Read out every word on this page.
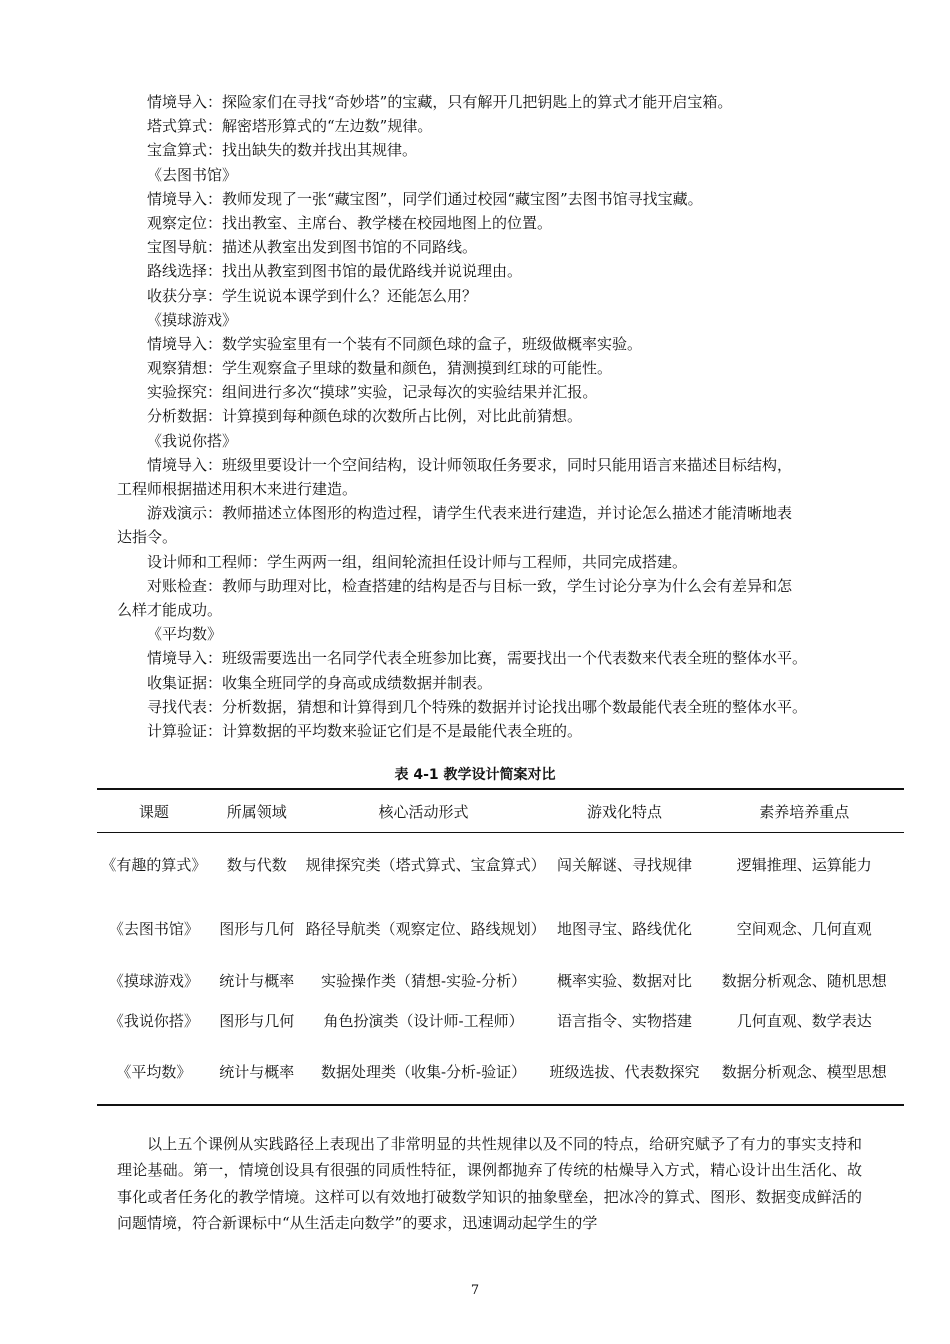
情境导入：探险家们在寻找“奇妙塔”的宝藏，只有解开几把钥匙上的算式才能开启宝箱。
塔式算式：解密塔形算式的“左边数”规律。
宝盒算式：找出缺失的数并找出其规律。
《去图书馆》
情境导入：教师发现了一张“藏宝图”，同学们通过校园“藏宝图”去图书馆寻找宝藏。
观察定位：找出教室、主席台、教学楼在校园地图上的位置。
宝图导航：描述从教室出发到图书馆的不同路线。
路线选择：找出从教室到图书馆的最优路线并说说理由。
收获分享：学生说说本课学到什么？还能怎么用？
《摸球游戏》
情境导入：数学实验室里有一个装有不同颜色球的盒子，班级做概率实验。
观察猜想：学生观察盒子里球的数量和颜色，猜测摸到红球的可能性。
实验探究：组间进行多次“摸球”实验，记录每次的实验结果并汇报。
分析数据：计算摸到每种颜色球的次数所占比例，对比此前猜想。
《我说你搭》
情境导入：班级里要设计一个空间结构，设计师领取任务要求，同时只能用语言来描述目标结构，
工程师根据描述用积木来进行建造。
游戏演示：教师描述立体图形的构造过程，请学生代表来进行建造，并讨论怎么描述才能清晰地表
达指令。
设计师和工程师：学生两两一组，组间轮流担任设计师与工程师，共同完成搭建。
对账检查：教师与助理对比，检查搭建的结构是否与目标一致，学生讨论分享为什么会有差异和怎
么样才能成功。
《平均数》
情境导入：班级需要选出一名同学代表全班参加比赛，需要找出一个代表数来代表全班的整体水平。
收集证据：收集全班同学的身高或成绩数据并制表。
寻找代表：分析数据，猜想和计算得到几个特殊的数据并讨论找出哪个数最能代表全班的整体水平。
计算验证：计算数据的平均数来验证它们是不是最能代表全班的。
表 4-1 教学设计简案对比
课题	所属领域	核心活动形式	游戏化特点	素养培养重点
《有趣的算式》	数与代数	规律探究类（塔式算式、宝盒算式）	闯关解谜、寻找规律	逻辑推理、运算能力
《去图书馆》	图形与几何	路径导航类（观察定位、路线规划）	地图寻宝、路线优化	空间观念、几何直观
《摸球游戏》	统计与概率	实验操作类（猜想-实验-分析）	概率实验、数据对比	数据分析观念、随机思想
《我说你搭》	图形与几何	角色扮演类（设计师-工程师）	语言指令、实物搭建	几何直观、数学表达
《平均数》	统计与概率	数据处理类（收集-分析-验证）	班级选拔、代表数探究	数据分析观念、模型思想
以上五个课例从实践路径上表现出了非常明显的共性规律以及不同的特点，给研究赋予了有力的事实支持和理论基础。第一，情境创设具有很强的同质性特征，课例都抛弃了传统的枯燥导入方式，精心设计出生活化、故事化或者任务化的教学情境。这样可以有效地打破数学知识的抽象壁垒，把冰冷的算式、图形、数据变成鲜活的问题情境，符合新课标中“从生活走向数学”的要求，迅速调动起学生的学
7
